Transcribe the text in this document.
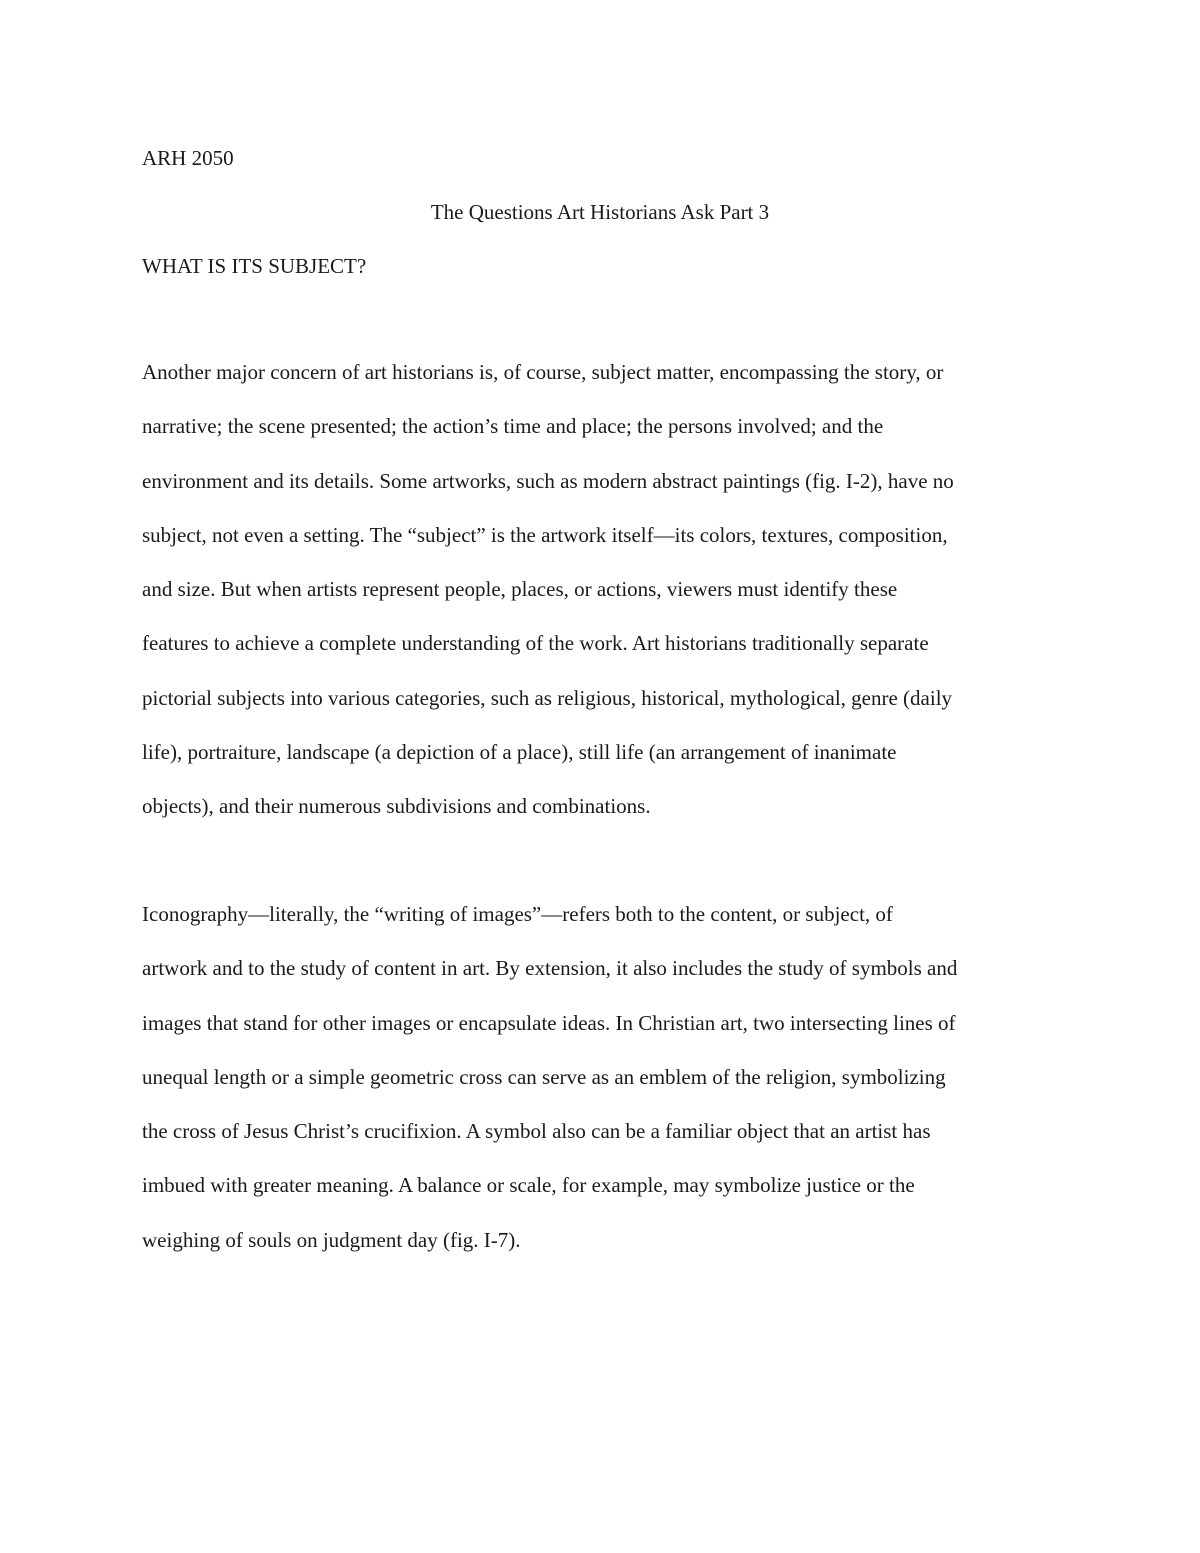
ARH 2050

The Questions Art Historians Ask Part 3
WHAT IS ITS SUBJECT?
Another major concern of art historians is, of course, subject matter, encompassing the story, or
narrative; the scene presented; the action’s time and place; the persons involved; and the
environment and its details. Some artworks, such as modern abstract paintings (fig. I-2), have no
subject, not even a setting. The “subject” is the artwork itself—its colors, textures, composition,
and size. But when artists represent people, places, or actions, viewers must identify these
features to achieve a complete understanding of the work. Art historians traditionally separate
pictorial subjects into various categories, such as religious, historical, mythological, genre (daily
life), portraiture, landscape (a depiction of a place), still life (an arrangement of inanimate
objects), and their numerous subdivisions and combinations.
Iconography—literally, the “writing of images”—refers both to the content, or subject, of
artwork and to the study of content in art. By extension, it also includes the study of symbols and
images that stand for other images or encapsulate ideas. In Christian art, two intersecting lines of
unequal length or a simple geometric cross can serve as an emblem of the religion, symbolizing
the cross of Jesus Christ’s crucifixion. A symbol also can be a familiar object that an artist has
imbued with greater meaning. A balance or scale, for example, may symbolize justice or the
weighing of souls on judgment day (fig. I-7).
